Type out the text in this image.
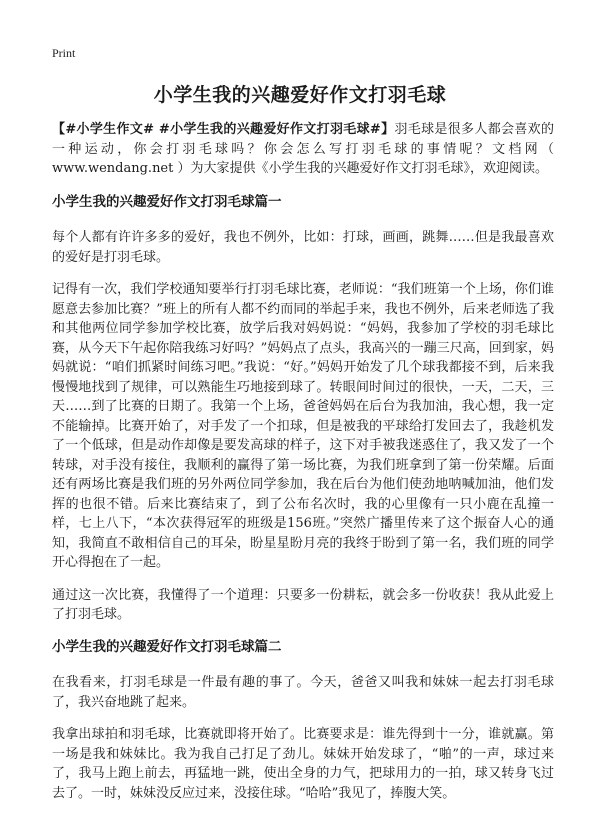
Print
小学生我的兴趣爱好作文打羽毛球

【#小学生作文# #小学生我的兴趣爱好作文打羽毛球#】羽毛球是很多人都会喜欢的一种运动，你会打羽毛球吗？你会怎么写打羽毛球的事情呢？文档网（ www.wendang.net ）为大家提供《小学生我的兴趣爱好作文打羽毛球》，欢迎阅读。

小学生我的兴趣爱好作文打羽毛球篇一

每个人都有许许多多的爱好，我也不例外，比如：打球，画画，跳舞……但是我最喜欢的爱好是打羽毛球。

记得有一次，我们学校通知要举行打羽毛球比赛，老师说：“我们班第一个上场，你们谁愿意去参加比赛？”班上的所有人都不约而同的举起手来，我也不例外，后来老师选了我和其他两位同学参加学校比赛，放学后我对妈妈说：“妈妈，我参加了学校的羽毛球比赛，从今天下午起你陪我练习好吗？”妈妈点了点头，我高兴的一蹦三尺高，回到家，妈妈就说：“咱们抓紧时间练习吧。”我说：“好。”妈妈开始发了几个球我都接不到，后来我慢慢地找到了规律，可以熟能生巧地接到球了。转眼间时间过的很快，一天，二天，三天……到了比赛的日期了。我第一个上场，爸爸妈妈在后台为我加油，我心想，我一定不能输掉。比赛开始了，对手发了一个扣球，但是被我的平球给打发回去了，我趁机发了一个低球，但是动作却像是要发高球的样子，这下对手被我迷惑住了，我又发了一个转球，对手没有接住，我顺利的赢得了第一场比赛，为我们班拿到了第一份荣耀。后面还有两场比赛是我们班的另外两位同学参加，我在后台为他们使劲地呐喊加油，他们发挥的也很不错。后来比赛结束了，到了公布名次时，我的心里像有一只小鹿在乱撞一样，七上八下，“本次获得冠军的班级是156班。”突然广播里传来了这个振奋人心的通知，我简直不敢相信自己的耳朵，盼星星盼月亮的我终于盼到了第一名，我们班的同学开心得抱在了一起。

通过这一次比赛，我懂得了一个道理：只要多一份耕耘，就会多一份收获！我从此爱上了打羽毛球。

小学生我的兴趣爱好作文打羽毛球篇二

在我看来，打羽毛球是一件最有趣的事了。今天，爸爸又叫我和妹妹一起去打羽毛球了，我兴奋地跳了起来。

我拿出球拍和羽毛球，比赛就即将开始了。比赛要求是：谁先得到十一分，谁就赢。第一场是我和妹妹比。我为我自己打足了劲儿。妹妹开始发球了，“啪”的一声，球过来了，我马上跑上前去，再猛地一跳，使出全身的力气，把球用力的一拍，球又转身飞过去了。一时，妹妹没反应过来，没接住球。“哈哈”我见了，捧腹大笑。
